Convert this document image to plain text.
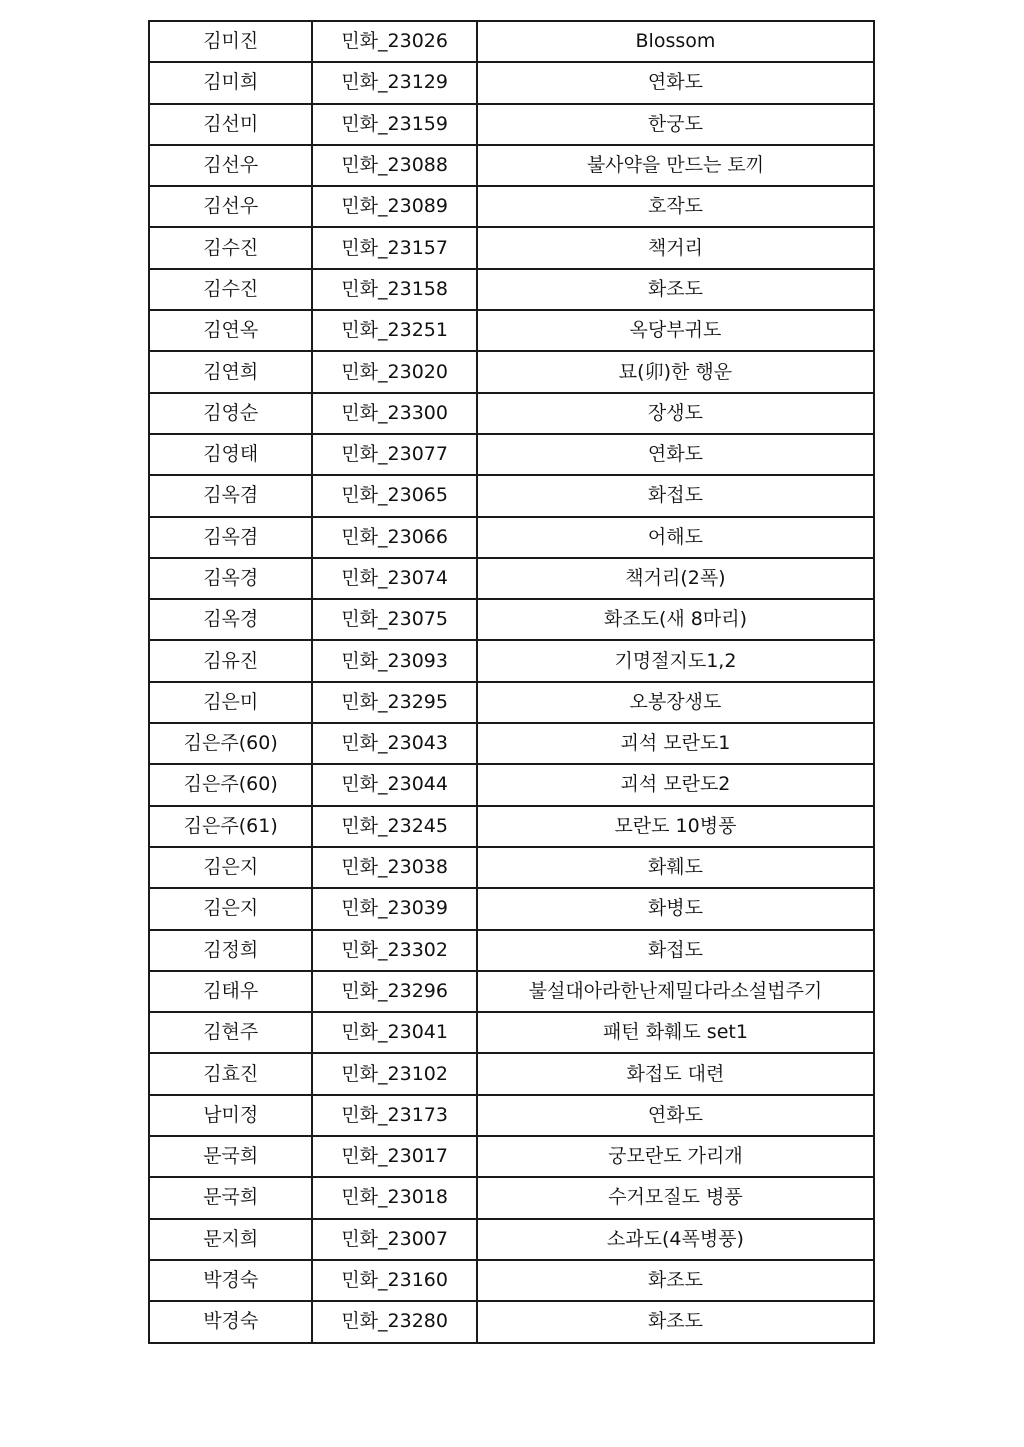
김미진	민화_23026	Blossom
김미희	민화_23129	연화도
김선미	민화_23159	한궁도
김선우	민화_23088	불사약을 만드는 토끼
김선우	민화_23089	호작도
김수진	민화_23157	책거리
김수진	민화_23158	화조도
김연옥	민화_23251	옥당부귀도
김연희	민화_23020	묘(卯)한 행운
김영순	민화_23300	장생도
김영태	민화_23077	연화도
김옥겸	민화_23065	화접도
김옥겸	민화_23066	어해도
김옥경	민화_23074	책거리(2폭)
김옥경	민화_23075	화조도(새 8마리)
김유진	민화_23093	기명절지도1,2
김은미	민화_23295	오봉장생도
김은주(60)	민화_23043	괴석 모란도1
김은주(60)	민화_23044	괴석 모란도2
김은주(61)	민화_23245	모란도 10병풍
김은지	민화_23038	화훼도
김은지	민화_23039	화병도
김정희	민화_23302	화접도
김태우	민화_23296	불설대아라한난제밀다라소설법주기
김현주	민화_23041	패턴 화훼도 set1
김효진	민화_23102	화접도 대련
남미정	민화_23173	연화도
문국희	민화_23017	궁모란도 가리개
문국희	민화_23018	수거모질도 병풍
문지희	민화_23007	소과도(4폭병풍)
박경숙	민화_23160	화조도
박경숙	민화_23280	화조도
